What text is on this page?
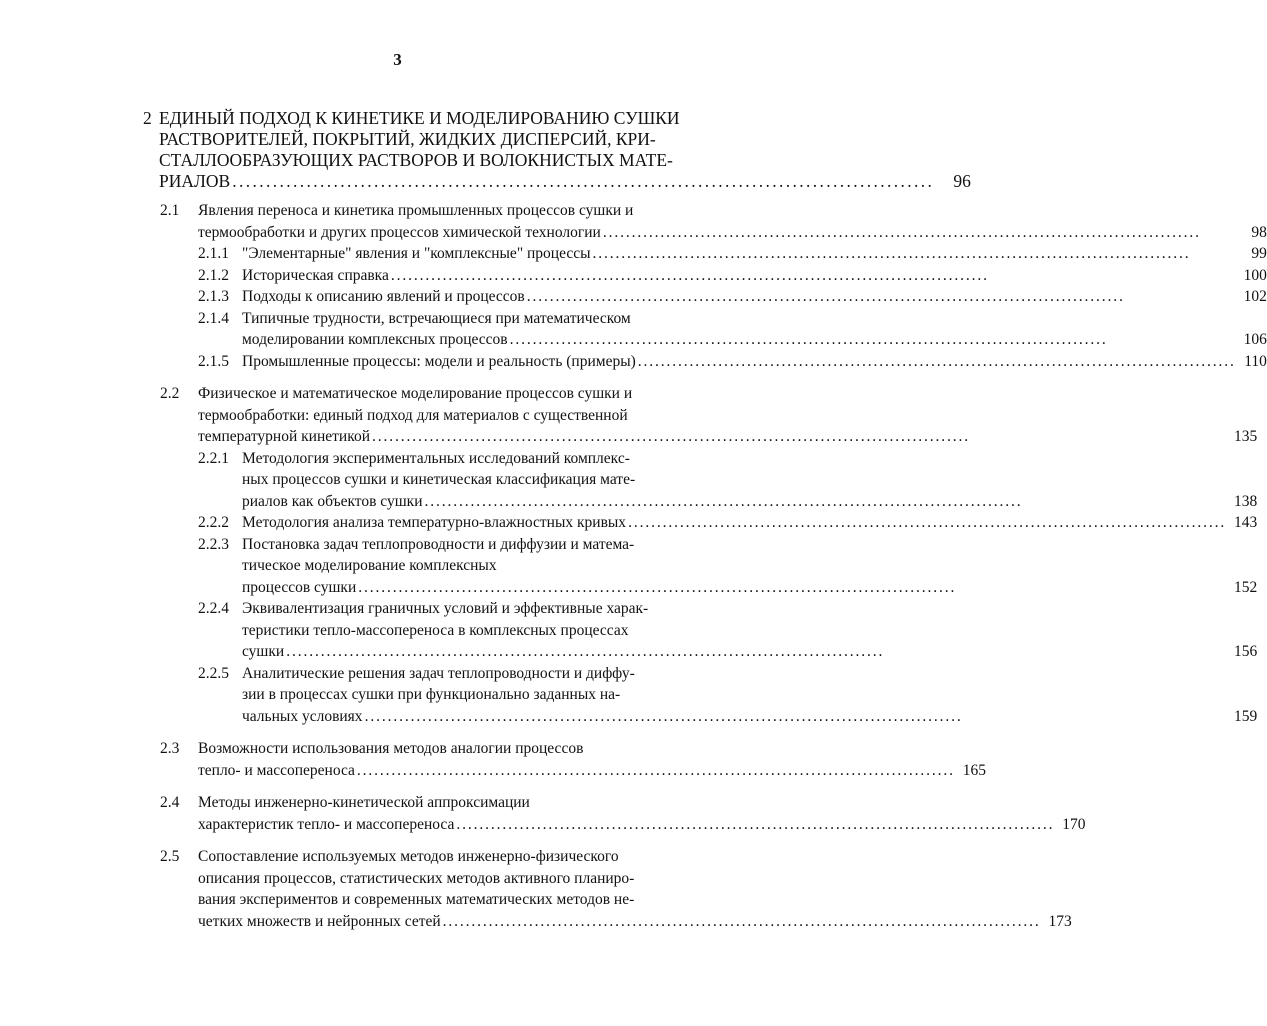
3
2 ЕДИНЫЙ ПОДХОД К КИНЕТИКЕ И МОДЕЛИРОВАНИЮ СУШКИ
РАСТВОРИТЕЛЕЙ, ПОКРЫТИЙ, ЖИДКИХ ДИСПЕРСИЙ, КРИ-
СТАЛЛООБРАЗУЮЩИХ РАСТВОРОВ И ВОЛОКНИСТЫХ МАТЕ-
РИАЛОВ . . .	96
2.1	Явления переноса и кинетика промышленных процессов сушки и
термообработки и других процессов химической технологии . . .	98
2.1.1 "Элементарные" явления и "комплексные" процессы . . .	99
2.1.2 Историческая справка . . .	100
2.1.3 Подходы к описанию явлений и процессов . . .	102
2.1.4 Типичные трудности, встречающиеся при математическом
моделировании комплексных процессов . . .	106
2.1.5 Промышленные процессы: модели и реальность (примеры) . . .	110
2.2	Физическое и математическое моделирование процессов сушки и
термообработки: единый подход для материалов с существенной
температурной кинетикой . . .	135
2.2.1 Методология экспериментальных исследований комплекс-
ных процессов сушки и кинетическая классификация мате-
риалов как объектов сушки . . .	138
2.2.2 Методология анализа температурно-влажностных кривых . . .	143
2.2.3 Постановка задач теплопроводности и диффузии и матема-
тическое моделирование комплексных
процессов сушки . . .	152
2.2.4 Эквивалентизация граничных условий и эффективные харак-
теристики тепло-массопереноса в комплексных процессах
сушки . . .	156
2.2.5 Аналитические решения задач теплопроводности и диффу-
зии в процессах сушки при функционально заданных на-
чальных условиях . . .	159
2.3	Возможности использования методов аналогии процессов
тепло- и массопереноса . . .	165
2.4	Методы инженерно-кинетической аппроксимации
характеристик тепло- и массопереноса . . .	170
2.5	Сопоставление используемых методов инженерно-физического
описания процессов, статистических методов активного планиро-
вания экспериментов и современных математических методов не-
четких множеств и нейронных сетей . . .	173
